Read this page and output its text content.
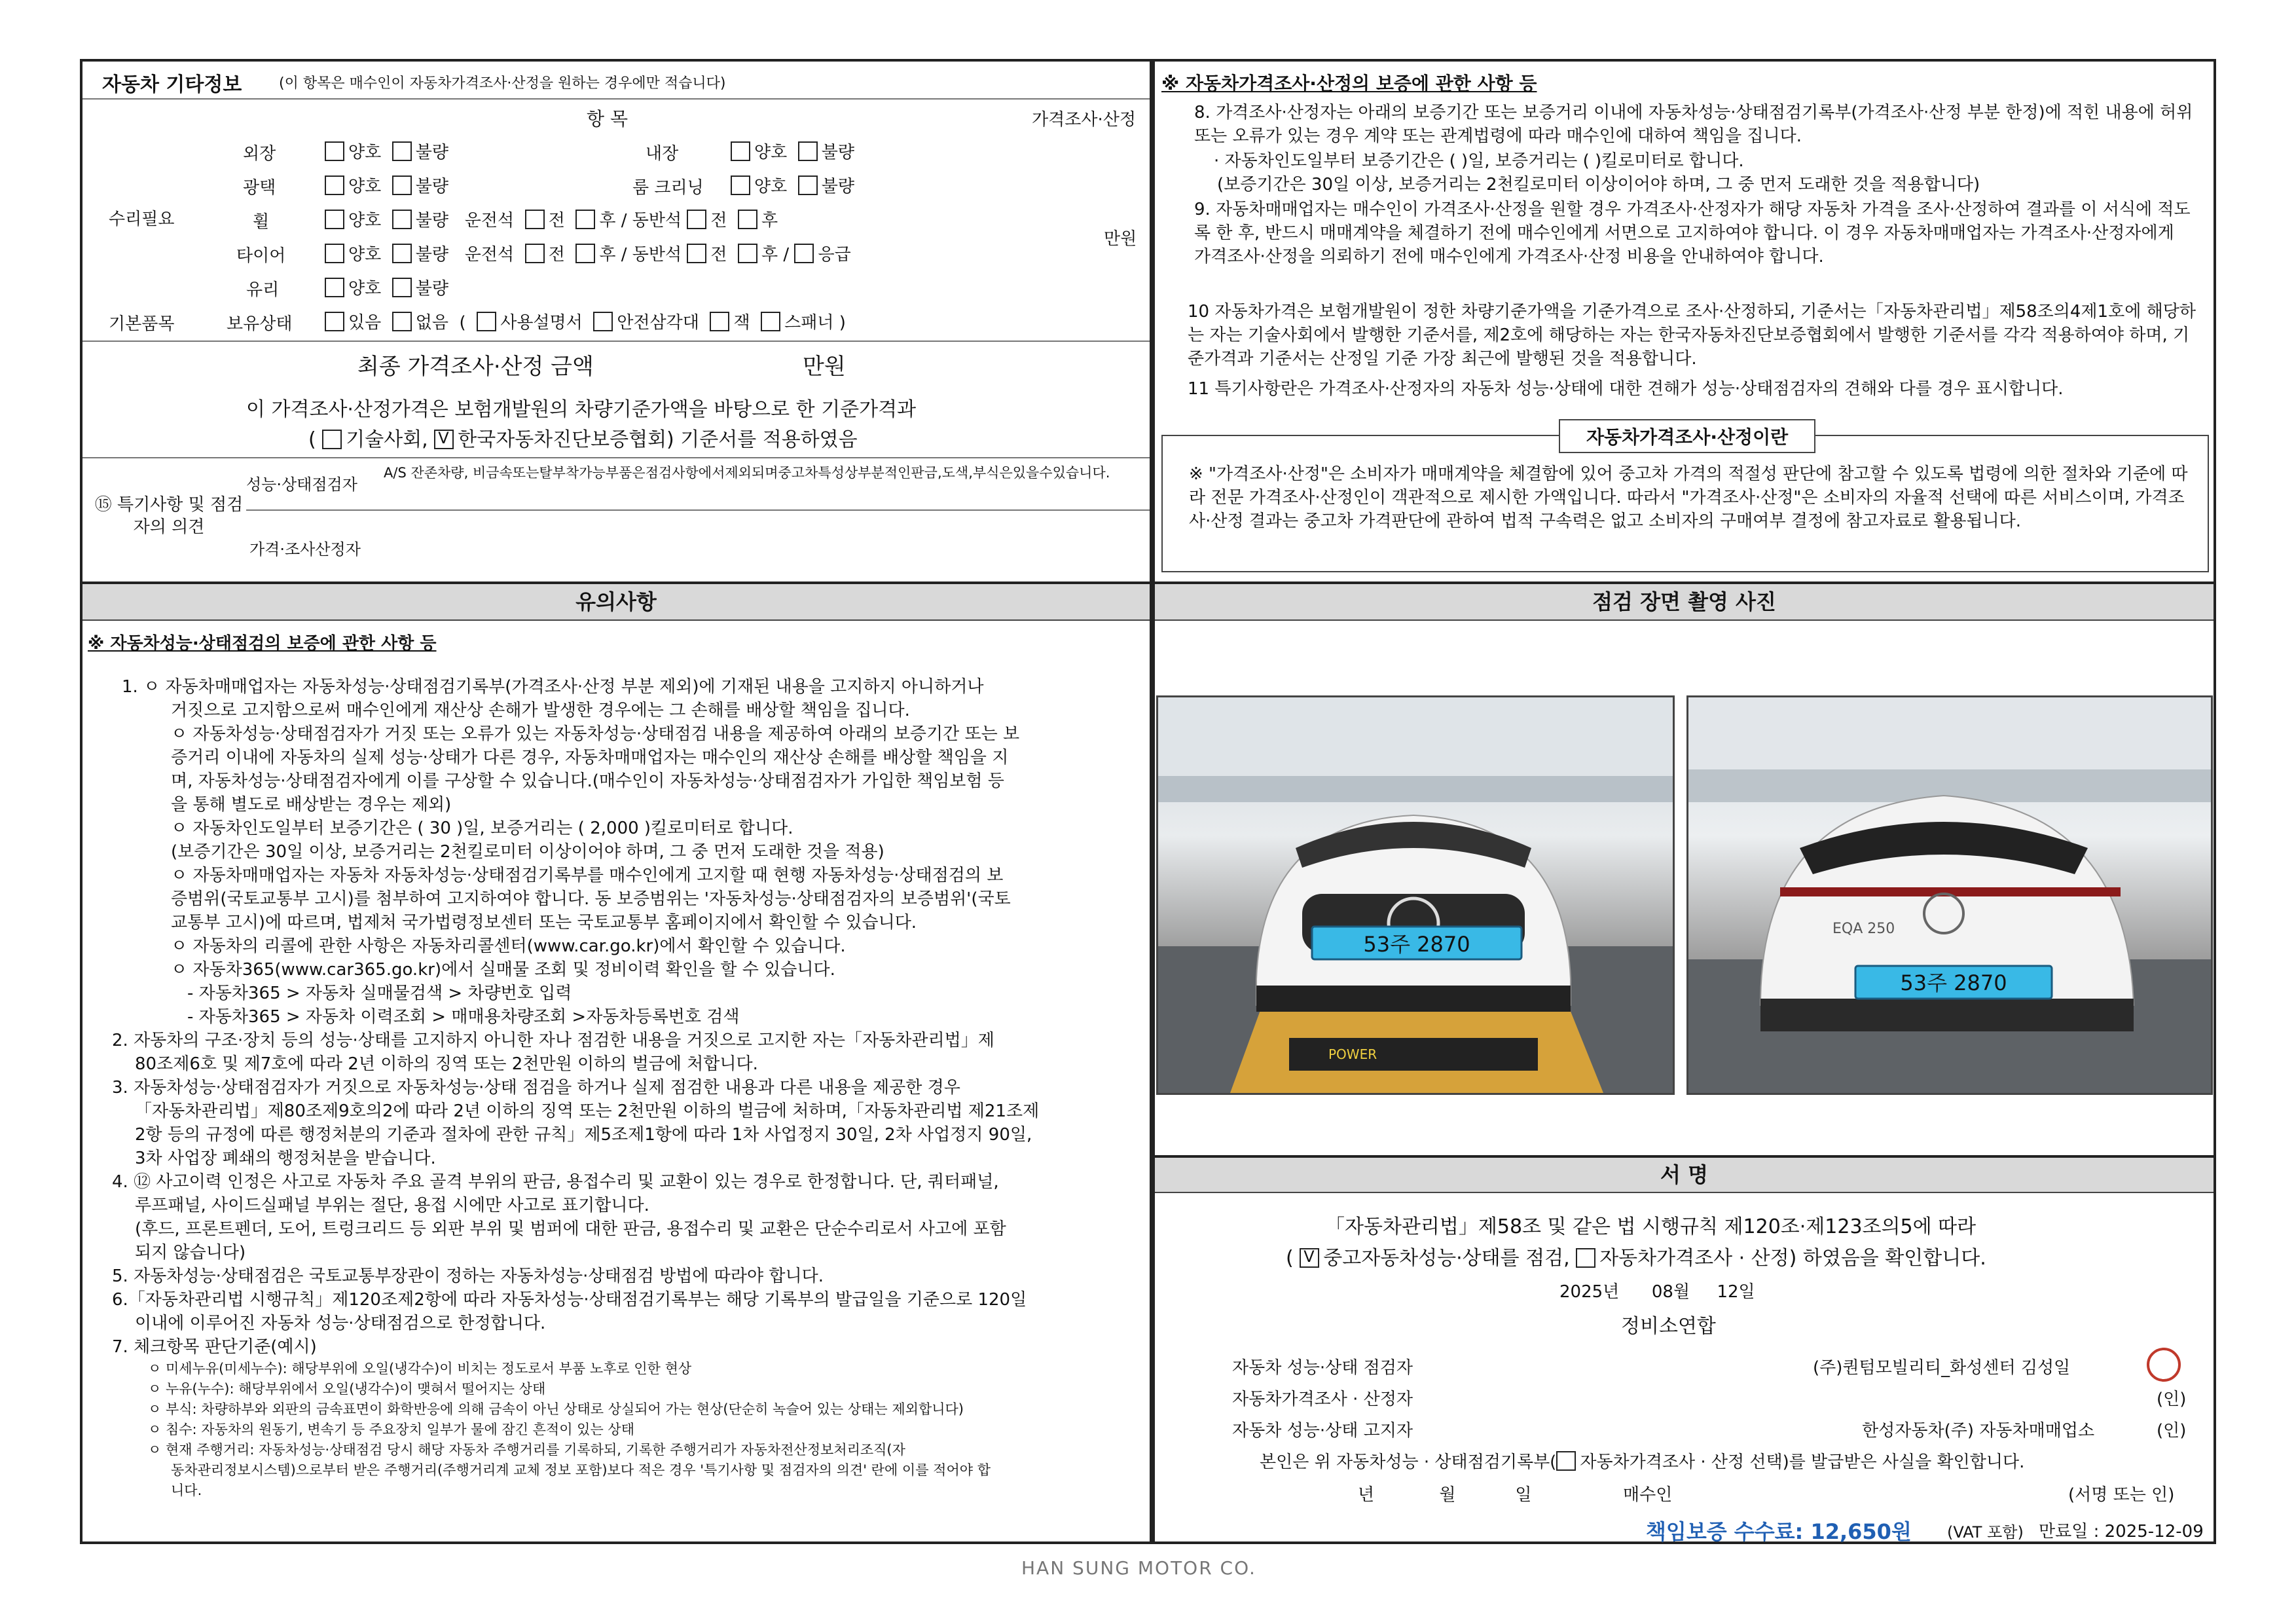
자동차 기타정보	(이 항목은 매수인이 자동차가격조사·산정을 원하는 경우에만 적습니다)
항 목	가격조사·산정
수리필요
만원
외장	양호 불량	내장	양호 불량
광택	양호 불량	룸 크리닝	양호 불량
휠	양호 불량 운전석 전 후 / 동반석 전 후
타이어	양호 불량 운전석 전 후 / 동반석 전 후 / 응급
유리	양호 불량
기본품목	보유상태	있음 없음  (  사용설명서 안전삼각대 잭 스패너 )
최종 가격조사·산정 금액	만원
이 가격조사·산정가격은 보험개발원의 차량기준가액을 바탕으로 한 기준가격과
( 기술사회, V 한국자동차진단보증협회) 기준서를 적용하였음
⑮ 특기사항 및 점검자의 의견
성능·상태점검자
A/S 잔존차량, 비금속또는탈부착가능부품은점검사항에서제외되며중고차특성상부분적인판금,도색,부식은있을수있습니다.
가격·조사산정자
※ 자동차가격조사·산정의 보증에 관한 사항 등
8. 가격조사·산정자는 아래의 보증기간 또는 보증거리 이내에 자동차성능·상태점검기록부(가격조사·산정 부분 한정)에 적힌 내용에 허위 또는 오류가 있는 경우 계약 또는 관계법령에 따라 매수인에 대하여 책임을 집니다.
· 자동차인도일부터 보증기간은 ( )일, 보증거리는 ( )킬로미터로 합니다.
(보증기간은 30일 이상, 보증거리는 2천킬로미터 이상이어야 하며, 그 중 먼저 도래한 것을 적용합니다)
9. 자동차매매업자는 매수인이 가격조사·산정을 원할 경우 가격조사·산정자가 해당 자동차 가격을 조사·산정하여 결과를 이 서식에 적도록 한 후, 반드시 매매계약을 체결하기 전에 매수인에게 서면으로 고지하여야 합니다. 이 경우 자동차매매업자는 가격조사·산정자에게 가격조사·산정을 의뢰하기 전에 매수인에게 가격조사·산정 비용을 안내하여야 합니다.
10 자동차가격은 보험개발원이 정한 차량기준가액을 기준가격으로 조사·산정하되, 기준서는「자동차관리법」제58조의4제1호에 해당하는 자는 기술사회에서 발행한 기준서를, 제2호에 해당하는 자는 한국자동차진단보증협회에서 발행한 기준서를 각각 적용하여야 하며, 기준가격과 기준서는 산정일 기준 가장 최근에 발행된 것을 적용합니다.
11 특기사항란은 가격조사·산정자의 자동차 성능·상태에 대한 견해가 성능·상태점검자의 견해와 다를 경우 표시합니다.
자동차가격조사·산정이란
※ "가격조사·산정"은 소비자가 매매계약을 체결함에 있어 중고차 가격의 적절성 판단에 참고할 수 있도록 법령에 의한 절차와 기준에 따라 전문 가격조사·산정인이 객관적으로 제시한 가액입니다. 따라서 "가격조사·산정"은 소비자의 자율적 선택에 따른 서비스이며, 가격조사·산정 결과는 중고차 가격판단에 관하여 법적 구속력은 없고 소비자의 구매여부 결정에 참고자료로 활용됩니다.
유의사항
※ 자동차성능·상태점검의 보증에 관한 사항 등
1. ㅇ 자동차매매업자는 자동차성능·상태점검기록부(가격조사·산정 부분 제외)에 기재된 내용을 고지하지 아니하거나
거짓으로 고지함으로써 매수인에게 재산상 손해가 발생한 경우에는 그 손해를 배상할 책임을 집니다.
ㅇ 자동차성능·상태점검자가 거짓 또는 오류가 있는 자동차성능·상태점검 내용을 제공하여 아래의 보증기간 또는 보
증거리 이내에 자동차의 실제 성능·상태가 다른 경우, 자동차매매업자는 매수인의 재산상 손해를 배상할 책임을 지
며, 자동차성능·상태점검자에게 이를 구상할 수 있습니다.(매수인이 자동차성능·상태점검자가 가입한 책임보험 등
을 통해 별도로 배상받는 경우는 제외)
ㅇ 자동차인도일부터 보증기간은 ( 30 )일, 보증거리는 ( 2,000 )킬로미터로 합니다.
(보증기간은 30일 이상, 보증거리는 2천킬로미터 이상이어야 하며, 그 중 먼저 도래한 것을 적용)
ㅇ 자동차매매업자는 자동차 자동차성능·상태점검기록부를 매수인에게 고지할 때 현행 자동차성능·상태점검의 보
증범위(국토교통부 고시)를 첨부하여 고지하여야 합니다. 동 보증범위는 '자동차성능·상태점검자의 보증범위'(국토
교통부 고시)에 따르며, 법제처 국가법령정보센터 또는 국토교통부 홈페이지에서 확인할 수 있습니다.
ㅇ 자동차의 리콜에 관한 사항은 자동차리콜센터(www.car.go.kr)에서 확인할 수 있습니다.
ㅇ 자동차365(www.car365.go.kr)에서 실매물 조회 및 정비이력 확인을 할 수 있습니다.
- 자동차365 > 자동차 실매물검색 > 차량번호 입력
- 자동차365 > 자동차 이력조회 > 매매용차량조회 >자동차등록번호 검색
2. 자동차의 구조·장치 등의 성능·상태를 고지하지 아니한 자나 점검한 내용을 거짓으로 고지한 자는「자동차관리법」제
80조제6호 및 제7호에 따라 2년 이하의 징역 또는 2천만원 이하의 벌금에 처합니다.
3. 자동차성능·상태점검자가 거짓으로 자동차성능·상태 점검을 하거나 실제 점검한 내용과 다른 내용을 제공한 경우
「자동차관리법」제80조제9호의2에 따라 2년 이하의 징역 또는 2천만원 이하의 벌금에 처하며,「자동차관리법 제21조제
2항 등의 규정에 따른 행정처분의 기준과 절차에 관한 규칙」제5조제1항에 따라 1차 사업정지 30일, 2차 사업정지 90일,
3차 사업장 폐쇄의 행정처분을 받습니다.
4. ⑫ 사고이력 인정은 사고로 자동차 주요 골격 부위의 판금, 용접수리 및 교환이 있는 경우로 한정합니다. 단, 쿼터패널,
루프패널, 사이드실패널 부위는 절단, 용접 시에만 사고로 표기합니다.
(후드, 프론트펜더, 도어, 트렁크리드 등 외판 부위 및 범퍼에 대한 판금, 용접수리 및 교환은 단순수리로서 사고에 포함
되지 않습니다)
5. 자동차성능·상태점검은 국토교통부장관이 정하는 자동차성능·상태점검 방법에 따라야 합니다.
6.「자동차관리법 시행규칙」제120조제2항에 따라 자동차성능·상태점검기록부는 해당 기록부의 발급일을 기준으로 120일
이내에 이루어진 자동차 성능·상태점검으로 한정합니다.
7. 체크항목 판단기준(예시)
ㅇ 미세누유(미세누수): 해당부위에 오일(냉각수)이 비치는 정도로서 부품 노후로 인한 현상
ㅇ 누유(누수): 해당부위에서 오일(냉각수)이 맺혀서 떨어지는 상태
ㅇ 부식: 차량하부와 외판의 금속표면이 화학반응에 의해 금속이 아닌 상태로 상실되어 가는 현상(단순히 녹슬어 있는 상태는 제외합니다)
ㅇ 침수: 자동차의 원동기, 변속기 등 주요장치 일부가 물에 잠긴 흔적이 있는 상태
ㅇ 현재 주행거리: 자동차성능·상태점검 당시 해당 자동차 주행거리를 기록하되, 기록한 주행거리가 자동차전산정보처리조직(자
동차관리정보시스템)으로부터 받은 주행거리(주행거리계 교체 정보 포함)보다 적은 경우 '특기사항 및 점검자의 의견' 란에 이를 적어야 합
니다.
점검 장면 촬영 사진
53주 2870
POWER
EQA 250
53주 2870
서 명
「자동차관리법」제58조 및 같은 법 시행규칙 제120조·제123조의5에 따라
( V 중고자동차성능·상태를 점검, 자동차가격조사 · 산정) 하였음을 확인합니다.
2025년 08월 12일
정비소연합
자동차 성능·상태 점검자	(주)퀀텀모빌리티_화성센터 김성일
자동차가격조사 · 산정자	(인)
자동차 성능·상태 고지자	한성자동차(주) 자동차매매업소	(인)
본인은 위 자동차성능 · 상태점검기록부( 자동차가격조사 · 산정 선택)를 발급받은 사실을 확인합니다.
년	월	일	매수인	(서명 또는 인)
책임보증 수수료: 12,650원 (VAT 포함) 만료일 : 2025-12-09
HAN SUNG MOTOR CO.
